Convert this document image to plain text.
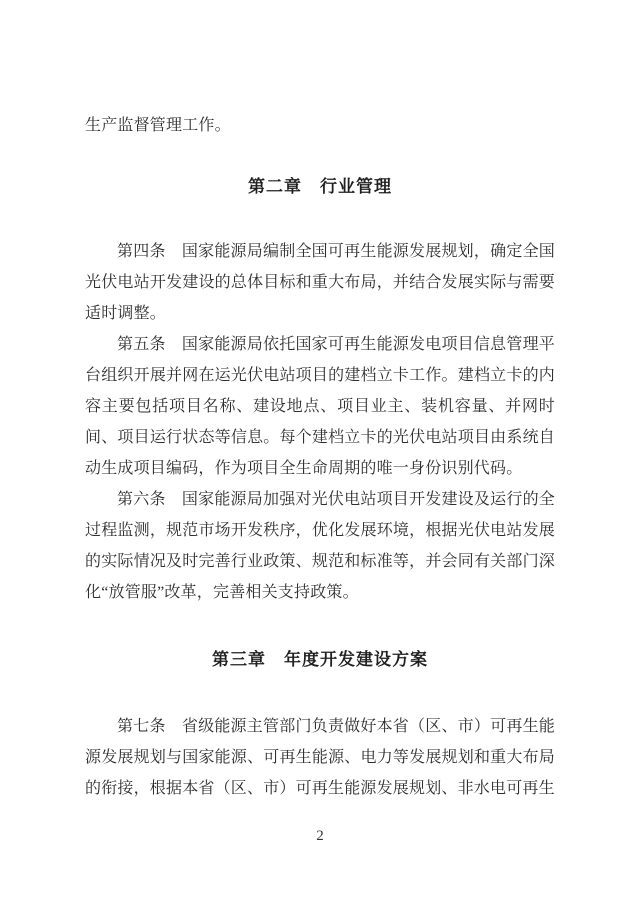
生产监督管理工作。

第二章　行业管理

第四条　国家能源局编制全国可再生能源发展规划，确定全国光伏电站开发建设的总体目标和重大布局，并结合发展实际与需要适时调整。

第五条　国家能源局依托国家可再生能源发电项目信息管理平台组织开展并网在运光伏电站项目的建档立卡工作。建档立卡的内容主要包括项目名称、建设地点、项目业主、装机容量、并网时间、项目运行状态等信息。每个建档立卡的光伏电站项目由系统自动生成项目编码，作为项目全生命周期的唯一身份识别代码。

第六条　国家能源局加强对光伏电站项目开发建设及运行的全过程监测，规范市场开发秩序，优化发展环境，根据光伏电站发展的实际情况及时完善行业政策、规范和标准等，并会同有关部门深化“放管服”改革，完善相关支持政策。

第三章　年度开发建设方案

第七条　省级能源主管部门负责做好本省（区、市）可再生能源发展规划与国家能源、可再生能源、电力等发展规划和重大布局的衔接，根据本省（区、市）可再生能源发展规划、非水电可再生

2
